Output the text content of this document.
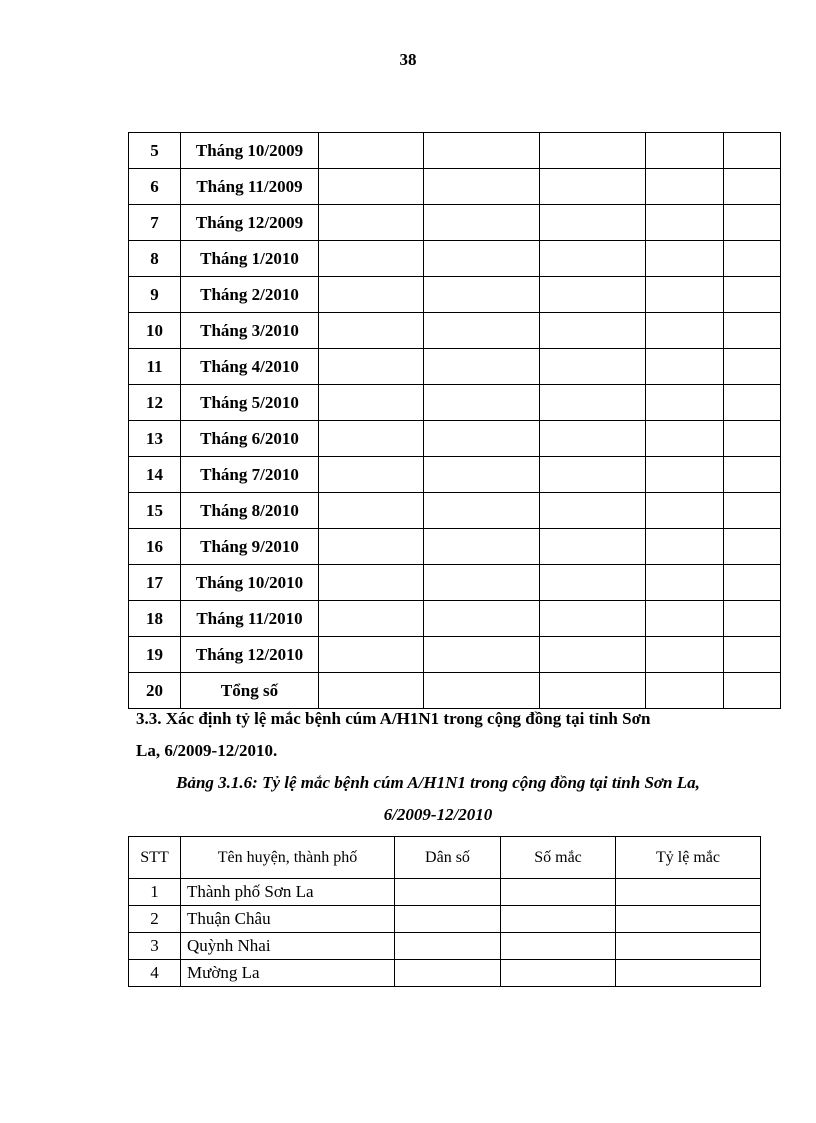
38
5	Tháng 10/2009					
6	Tháng 11/2009					
7	Tháng 12/2009					
8	Tháng 1/2010					
9	Tháng 2/2010					
10	Tháng 3/2010					
11	Tháng 4/2010					
12	Tháng 5/2010					
13	Tháng 6/2010					
14	Tháng 7/2010					
15	Tháng 8/2010					
16	Tháng 9/2010					
17	Tháng 10/2010					
18	Tháng 11/2010					
19	Tháng 12/2010					
20	Tổng số					
3.3. Xác định tỷ lệ mắc bệnh cúm A/H1N1 trong cộng đồng tại tỉnh Sơn
La, 6/2009-12/2010.
Bảng 3.1.6: Tỷ lệ mắc bệnh cúm A/H1N1 trong cộng đồng tại tỉnh Sơn La,
6/2009-12/2010
STT	Tên huyện, thành phố	Dân số	Số mắc	Tỷ lệ mắc
1	Thành phố Sơn La			
2	Thuận Châu			
3	Quỳnh Nhai			
4	Mường La			
